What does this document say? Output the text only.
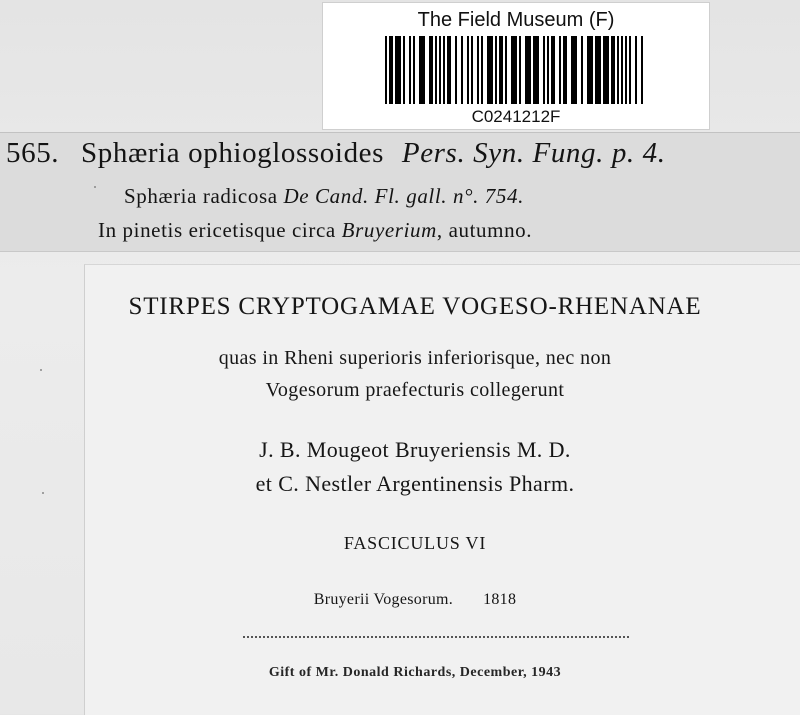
The Field Museum (F)
C0241212F
565. Sphæria ophioglossoides Pers. Syn. Fung. p. 4.
Sphæria radicosa De Cand. Fl. gall. n°. 754.
In pinetis ericetisque circa Bruyerium, autumno.
STIRPES CRYPTOGAMAE VOGESO-RHENANAE
quas in Rheni superioris inferiorisque, nec non
Vogesorum praefecturis collegerunt
J. B. Mougeot Bruyeriensis M. D.
et C. Nestler Argentinensis Pharm.
FASCICULUS VI
Bruyerii Vogesorum. 1818
Gift of Mr. Donald Richards, December, 1943
